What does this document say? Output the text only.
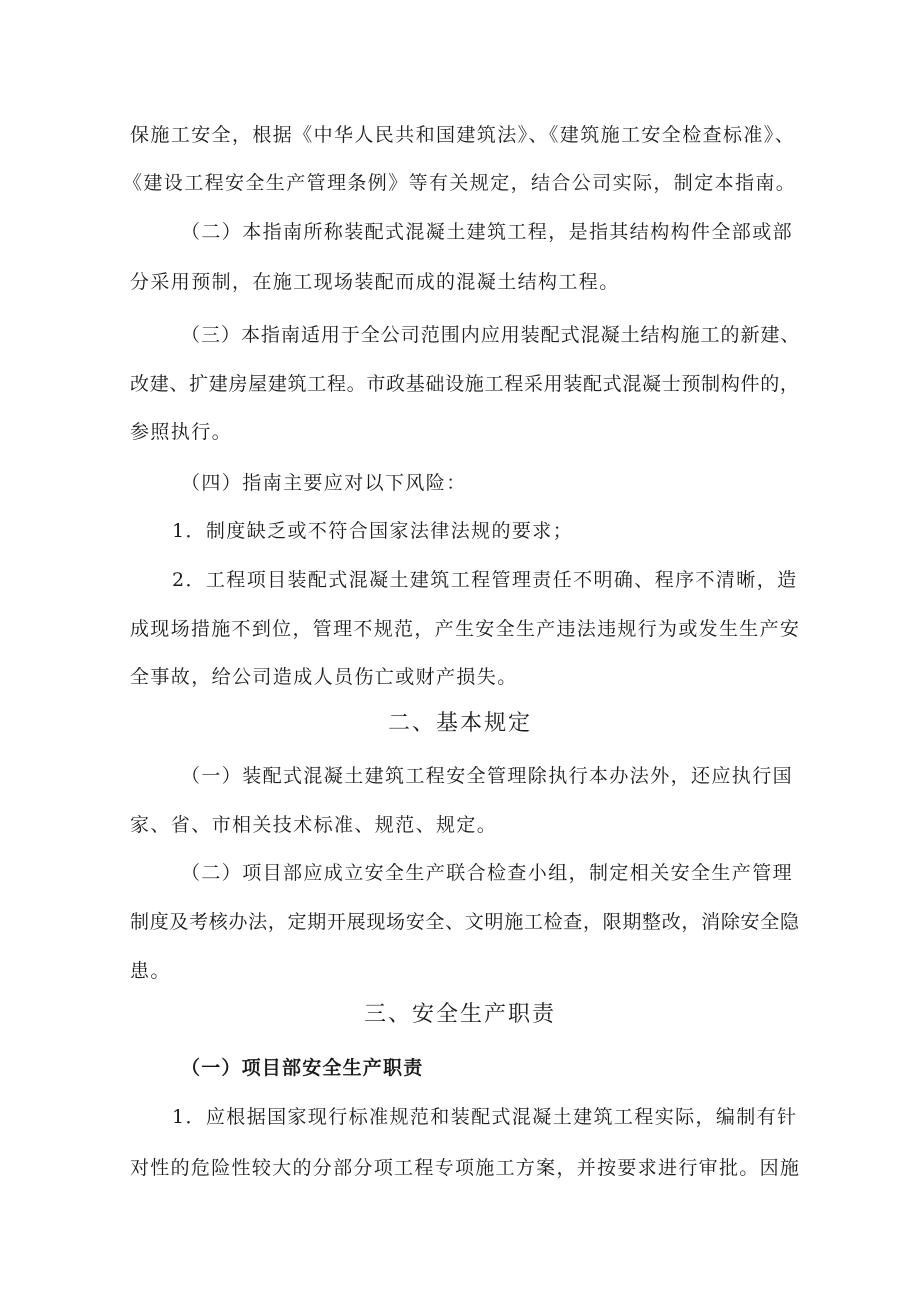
保施工安全，根据《中华人民共和国建筑法》、《建筑施工安全检查标准》、
《建设工程安全生产管理条例》等有关规定，结合公司实际，制定本指南。
（二）本指南所称装配式混凝土建筑工程，是指其结构构件全部或部
分采用预制，在施工现场装配而成的混凝土结构工程。
（三）本指南适用于全公司范围内应用装配式混凝土结构施工的新建、
改建、扩建房屋建筑工程。市政基础设施工程采用装配式混凝士预制构件的，
参照执行。
（四）指南主要应对以下风险：
1．制度缺乏或不符合国家法律法规的要求；
2．工程项目装配式混凝土建筑工程管理责任不明确、程序不清晰，造
成现场措施不到位，管理不规范，产生安全生产违法违规行为或发生生产安
全事故，给公司造成人员伤亡或财产损失。
二、基本规定
（一）装配式混凝土建筑工程安全管理除执行本办法外，还应执行国
家、省、市相关技术标准、规范、规定。
（二）项目部应成立安全生产联合检查小组，制定相关安全生产管理
制度及考核办法，定期开展现场安全、文明施工检查，限期整改，消除安全隐
患。
三、安全生产职责
（一）项目部安全生产职责
1．应根据国家现行标准规范和装配式混凝土建筑工程实际，编制有针
对性的危险性较大的分部分项工程专项施工方案，并按要求进行审批。因施
